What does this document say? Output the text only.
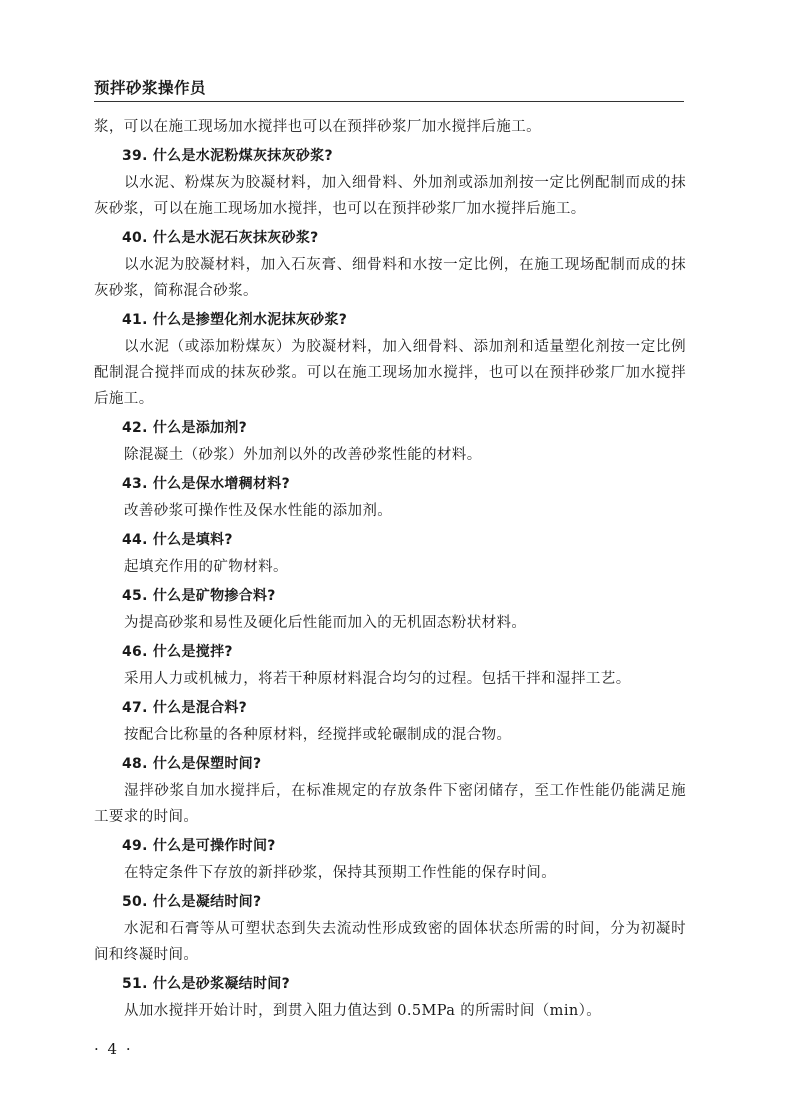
预拌砂浆操作员

浆，可以在施工现场加水搅拌也可以在预拌砂浆厂加水搅拌后施工。

39. 什么是水泥粉煤灰抹灰砂浆?

以水泥、粉煤灰为胶凝材料，加入细骨料、外加剂或添加剂按一定比例配制而成的抹灰砂浆，可以在施工现场加水搅拌，也可以在预拌砂浆厂加水搅拌后施工。

40. 什么是水泥石灰抹灰砂浆?

以水泥为胶凝材料，加入石灰膏、细骨料和水按一定比例，在施工现场配制而成的抹灰砂浆，简称混合砂浆。

41. 什么是掺塑化剂水泥抹灰砂浆?

以水泥（或添加粉煤灰）为胶凝材料，加入细骨料、添加剂和适量塑化剂按一定比例配制混合搅拌而成的抹灰砂浆。可以在施工现场加水搅拌，也可以在预拌砂浆厂加水搅拌后施工。

42. 什么是添加剂?

除混凝土（砂浆）外加剂以外的改善砂浆性能的材料。

43. 什么是保水增稠材料?

改善砂浆可操作性及保水性能的添加剂。

44. 什么是填料?

起填充作用的矿物材料。

45. 什么是矿物掺合料?

为提高砂浆和易性及硬化后性能而加入的无机固态粉状材料。

46. 什么是搅拌?

采用人力或机械力，将若干种原材料混合均匀的过程。包括干拌和湿拌工艺。

47. 什么是混合料?

按配合比称量的各种原材料，经搅拌或轮碾制成的混合物。

48. 什么是保塑时间?

湿拌砂浆自加水搅拌后，在标准规定的存放条件下密闭储存，至工作性能仍能满足施工要求的时间。

49. 什么是可操作时间?

在特定条件下存放的新拌砂浆，保持其预期工作性能的保存时间。

50. 什么是凝结时间?

水泥和石膏等从可塑状态到失去流动性形成致密的固体状态所需的时间，分为初凝时间和终凝时间。

51. 什么是砂浆凝结时间?

从加水搅拌开始计时，到贯入阻力值达到 0.5MPa 的所需时间（min）。

· 4 ·
